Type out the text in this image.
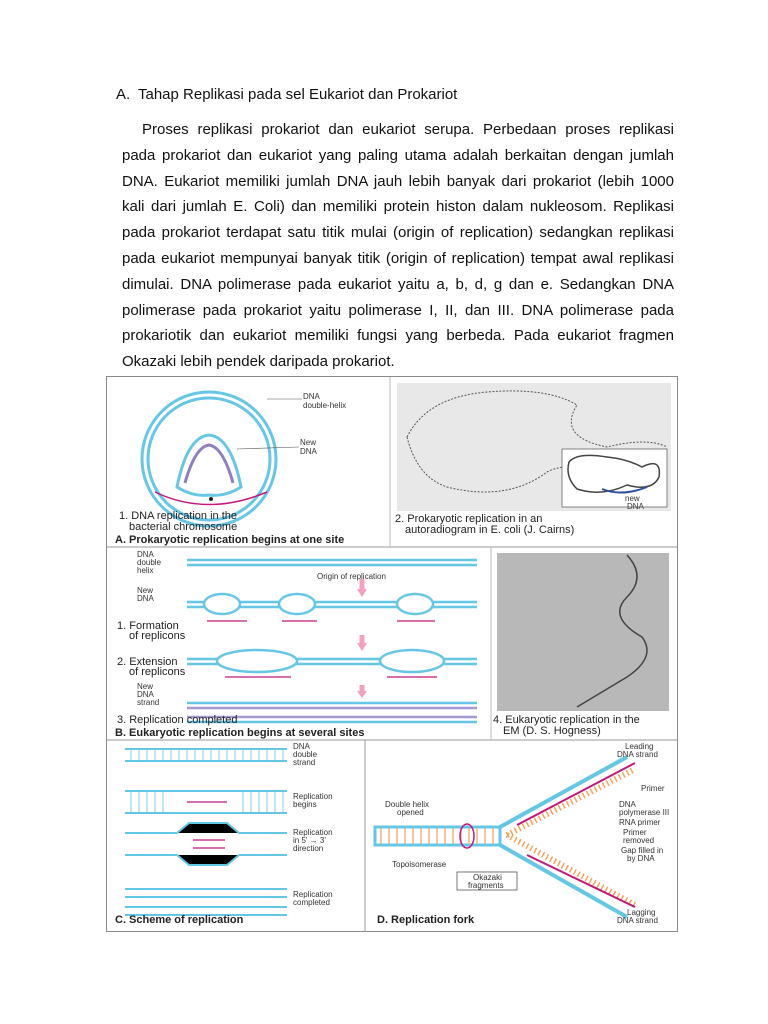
A. Tahap Replikasi pada sel Eukariot dan Prokariot

Proses replikasi prokariot dan eukariot serupa. Perbedaan proses replikasi pada prokariot dan eukariot yang paling utama adalah berkaitan dengan jumlah DNA. Eukariot memiliki jumlah DNA jauh lebih banyak dari prokariot (lebih 1000 kali dari jumlah E. Coli) dan memiliki protein histon dalam nukleosom. Replikasi pada prokariot terdapat satu titik mulai (origin of replication) sedangkan replikasi pada eukariot mempunyai banyak titik (origin of replication) tempat awal replikasi dimulai. DNA polimerase pada eukariot yaitu a, b, d, g dan e. Sedangkan DNA polimerase pada prokariot yaitu polimerase I, II, dan III. DNA polimerase pada prokariotik dan eukariot memiliki fungsi yang berbeda. Pada eukariot fragmen Okazaki lebih pendek daripada prokariot.

DNA
double-helix
New
DNA
1. DNA replication in the
bacterial chromosome
new
DNA
2. Prokaryotic replication in an
autoradiogram in E. coli (J. Cairns)
A. Prokaryotic replication begins at one site
DNA
double
helix
Origin of replication
New
DNA
1. Formation
of replicons
2. Extension
of replicons
New
DNA
strand
3. Replication completed
B. Eukaryotic replication begins at several sites
4. Eukaryotic replication in the
EM (D. S. Hogness)
DNA
double
strand
Replication
begins
Replication
in 5' → 3'
direction
Replication
completed
C. Scheme of replication
Leading
DNA strand
Primer
DNA
polymerase III
RNA primer
Primer
removed
Gap filled in
by DNA
Double helix
opened
Topoisomerase
Okazaki
fragments
Lagging
DNA strand
D. Replication fork
